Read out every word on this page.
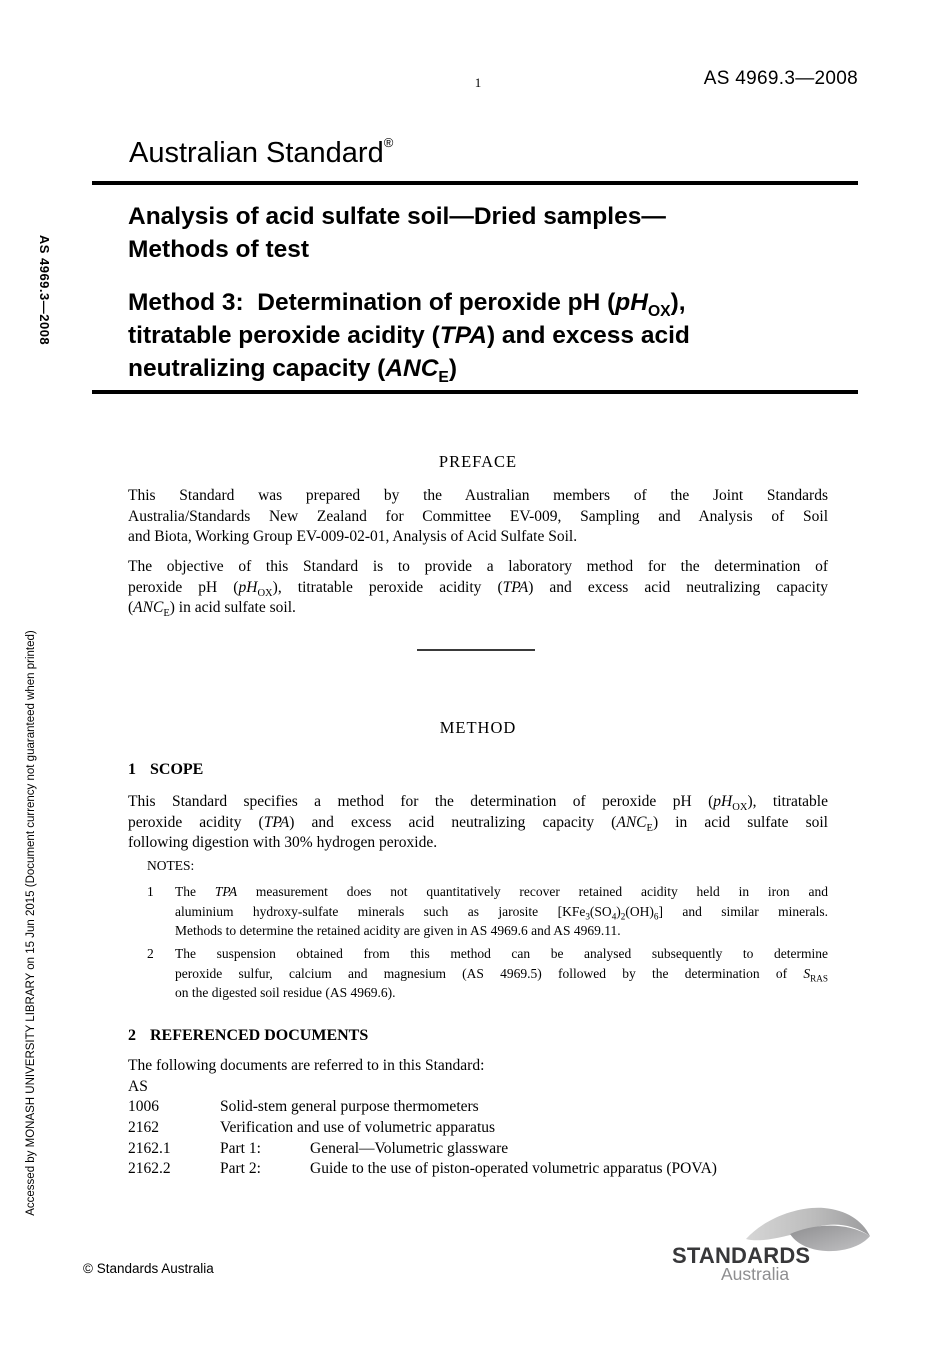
1	AS 4969.3—2008
Australian Standard®
Analysis of acid sulfate soil—Dried samples—
Methods of test
Method 3:  Determination of peroxide pH $(pH_{OX})$,
titratable peroxide acidity (TPA) and excess acid
neutralizing capacity $(ANC_E)$
PREFACE
This Standard was prepared by the Australian members of the Joint Standards
Australia/Standards New Zealand for Committee EV-009, Sampling and Analysis of Soil
and Biota, Working Group EV-009-02-01, Analysis of Acid Sulfate Soil.
The objective of this Standard is to provide a laboratory method for the determination of
peroxide pH $(pH_{OX})$, titratable peroxide acidity (TPA) and excess acid neutralizing capacity
$(ANC_E)$ in acid sulfate soil.
METHOD
1 SCOPE
This Standard specifies a method for the determination of peroxide pH $(pH_{OX})$, titratable
peroxide acidity (TPA) and excess acid neutralizing capacity $(ANC_E)$ in acid sulfate soil
following digestion with 30% hydrogen peroxide.
NOTES:
1 The TPA measurement does not quantitatively recover retained acidity held in iron and
aluminium hydroxy-sulfate minerals such as jarosite $[KFe_3(SO_4)_2(OH)_6]$ and similar minerals.
Methods to determine the retained acidity are given in AS 4969.6 and AS 4969.11.
2 The suspension obtained from this method can be analysed subsequently to determine
peroxide sulfur, calcium and magnesium (AS 4969.5) followed by the determination of $S_{RAS}$
on the digested soil residue (AS 4969.6).
2 REFERENCED DOCUMENTS
The following documents are referred to in this Standard:
AS
1006	Solid-stem general purpose thermometers
2162	Verification and use of volumetric apparatus
2162.1	Part 1:	General—Volumetric glassware
2162.2	Part 2:	Guide to the use of piston-operated volumetric apparatus (POVA)
STANDARDS
Australia
© Standards Australia
AS 4969.3—2008
Accessed by MONASH UNIVERSITY LIBRARY on 15 Jun 2015 (Document currency not guaranteed when printed)
